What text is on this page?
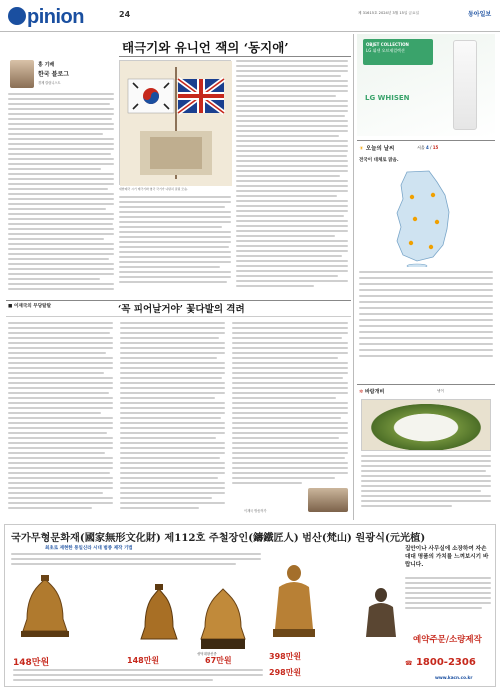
pinion	24	제 31615호 2024년 3월 15일 금요일	동아일보
태극기와 유니언 잭의 ‘동지애’
홍 기배
한국 블로그
경제 칼럼니스트
대한제국 시기 태극기와 영국 국기가 나란히 걸린 모습.
OBJET COLLECTION
LG 휘센 오브제컬렉션
LG WHISEN
☀ 오늘의 날씨	서울 4 / 15
전국이 대체로 맑음.
✲ 바람개비	냉이
■ 이재국의 무당탈탈	‘꼭 피어날거야’ 꽃다발의 격려
이재국 방송작가
국가무형문화재(國家無形文化財) 제112호 주철장인(鑄鐵匠人) 범산(梵山) 원광식(元光植)
최초로 재현한 통일신라 시대 범종 제작 기법
성덕대왕신종
148만원	148만원	67만원	398만원
298만원
집안이나 사무실에 소장하여 자손대대 명품의 가치를 느껴보시기 바랍니다.
예약주문/소량제작
☎ 1800-2306
www.kacn.co.kr
